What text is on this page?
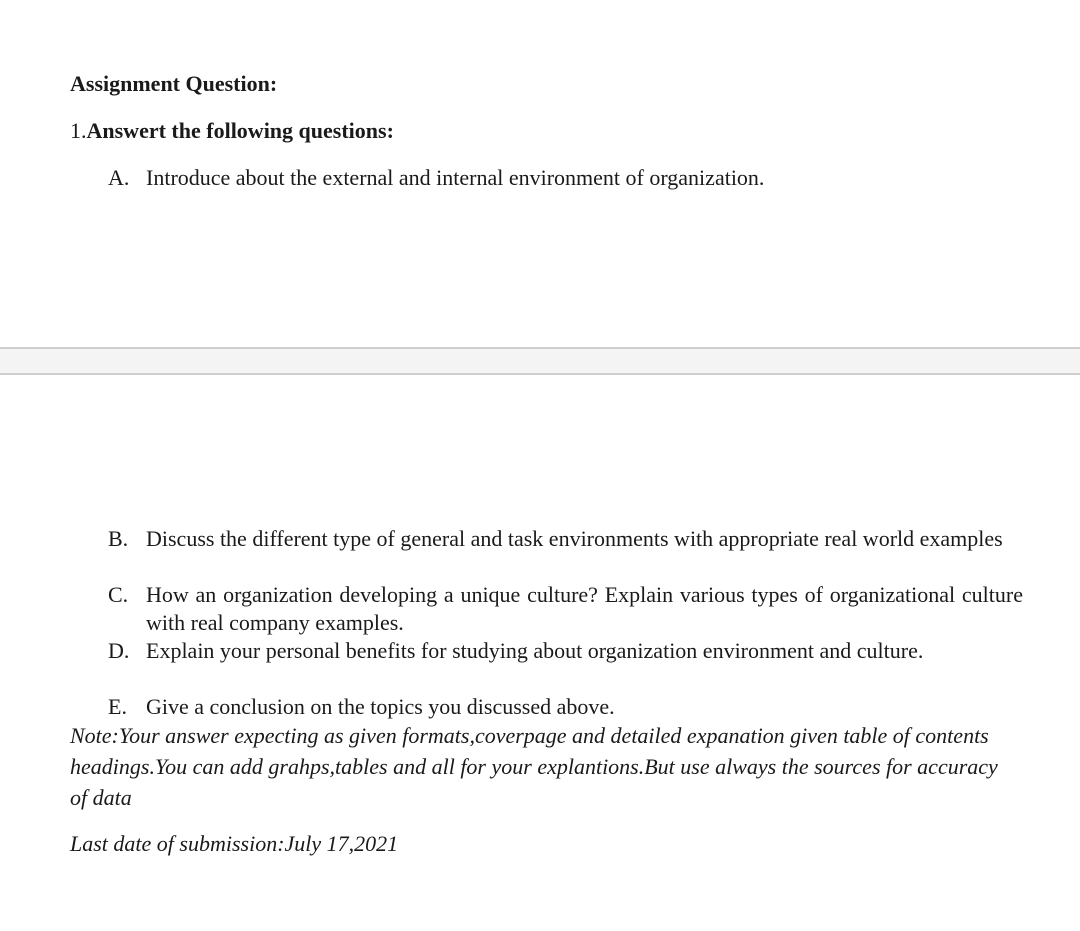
Assignment Question:
1.Answert the following questions:
A. Introduce about the external and internal environment of organization.
B. Discuss the different type of general and task environments with appropriate real world examples
C. How an organization developing a unique culture? Explain various types of organizational culture with real company examples.
D. Explain your personal benefits for studying about organization environment and culture.
E. Give a conclusion on the topics you discussed above.
Note:Your answer expecting as given formats,coverpage and detailed expanation given table of contents headings.You can add grahps,tables and all for your explantions.But use always the sources for accuracy of data
Last date of submission:July 17,2021
